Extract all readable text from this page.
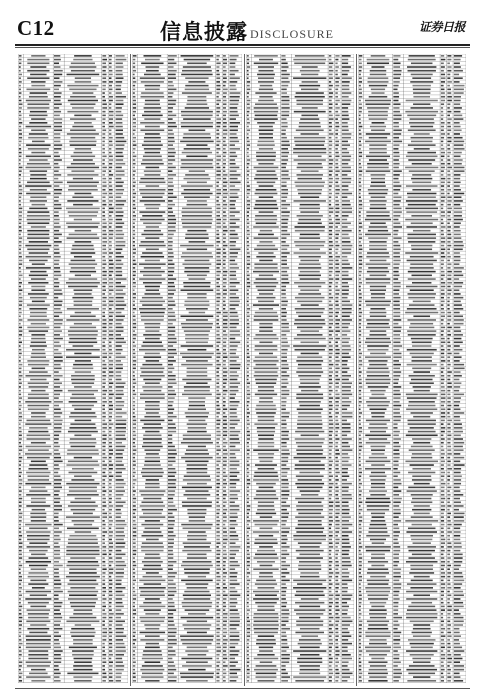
C12	信息披露 DISCLOSURE	证券日报
